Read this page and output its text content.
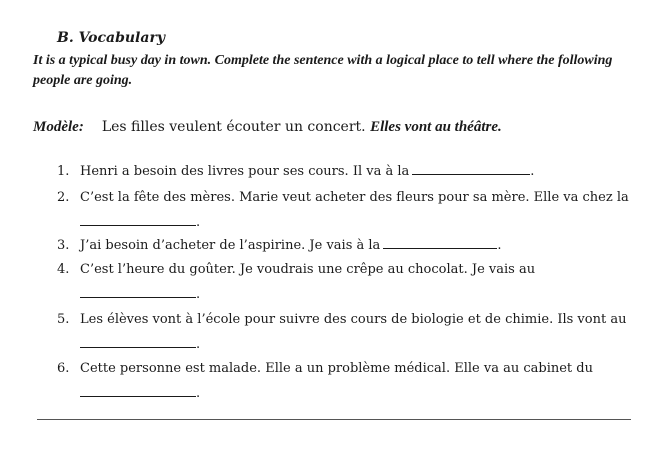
B. Vocabulary
It is a typical busy day in town. Complete the sentence with a logical place to tell where the following people are going.
Modèle: Les filles veulent écouter un concert. Elles vont au théâtre.
1. Henri a besoin des livres pour ses cours. Il va à la	.
2. C’est la fête des mères. Marie veut acheter des fleurs pour sa mère. Elle va chez la
.
3. J’ai besoin d’acheter de l’aspirine. Je vais à la	.
4. C’est l’heure du goûter. Je voudrais une crêpe au chocolat. Je vais au
.
5. Les élèves vont à l’école pour suivre des cours de biologie et de chimie. Ils vont au
.
6. Cette personne est malade. Elle a un problème médical. Elle va au cabinet du
.
